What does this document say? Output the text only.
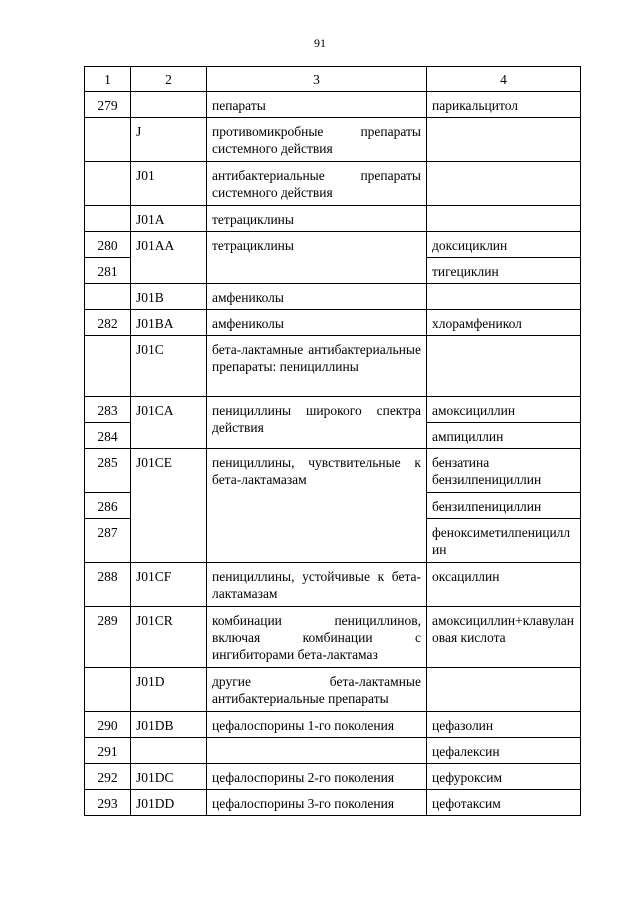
91
1	2	3	4
279		пепараты	парикальцитол
	J	противомикробные препараты системного действия	
	J01	антибактериальные препараты системного действия	
	J01A	тетрациклины	
280	J01AA	тетрациклины	доксициклин
281			тигециклин
	J01B	амфениколы	
282	J01BA	амфениколы	хлорамфеникол
	J01C	бета-лактамные антибактериальные препараты: пенициллины	
283	J01CA	пенициллины широкого спектра действия	амоксициллин
284			ампициллин
285	J01CE	пенициллины, чувствительные к бета-лактамазам	бензатина бензилпенициллин
286			бензилпенициллин
287			феноксиметилпенициллин
288	J01CF	пенициллины, устойчивые к бета-лактамазам	оксациллин
289	J01CR	комбинации пенициллинов, включая комбинации с ингибиторами бета-лактамаз	амоксициллин+клавулановая кислота
	J01D	другие бета-лактамные антибактериальные препараты	
290	J01DB	цефалоспорины 1-го поколения	цефазолин
291			цефалексин
292	J01DC	цефалоспорины 2-го поколения	цефуроксим
293	J01DD	цефалоспорины 3-го поколения	цефотаксим
